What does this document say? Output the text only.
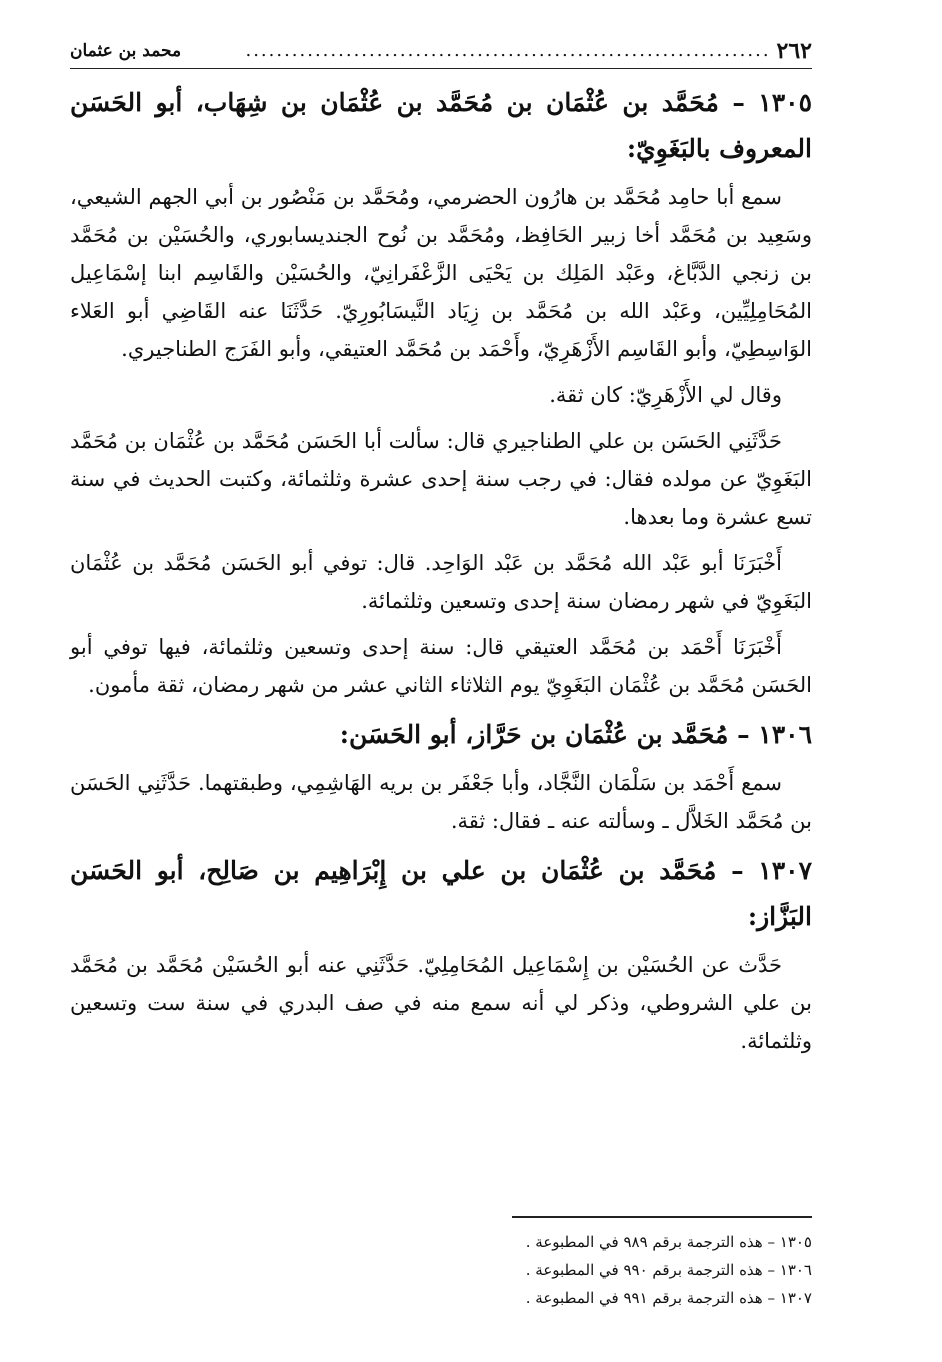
٢٦٢
....................................................................
محمد بن عثمان

١٣٠٥ – مُحَمَّد بن عُثْمَان بن مُحَمَّد بن عُثْمَان بن شِهَاب، أبو الحَسَن المعروف بالبَغَوِيّ:

سمع أبا حامِد مُحَمَّد بن هارُون الحضرمي، ومُحَمَّد بن مَنْصُور بن أبي الجهم الشيعي، وسَعِيد بن مُحَمَّد أخا زبير الحَافِظ، ومُحَمَّد بن نُوح الجنديسابوري، والحُسَيْن بن مُحَمَّد بن زنجي الدَّبَّاغ، وعَبْد المَلِك بن يَحْيَى الزَّعْفَرانِيّ، والحُسَيْن والقَاسِم ابنا إسْمَاعِيل المُحَامِلِيِّين، وعَبْد الله بن مُحَمَّد بن زِيَاد النَّيسَابُورِيّ. حَدَّثَنَا عنه القَاضِي أبو العَلاء الوَاسِطِيّ، وأبو القَاسِم الأَزْهَرِيّ، وأَحْمَد بن مُحَمَّد العتيقي، وأبو الفَرَج الطناجيري.

وقال لي الأَزْهَرِيّ: كان ثقة.

حَدَّثَنِي الحَسَن بن علي الطناجيري قال: سألت أبا الحَسَن مُحَمَّد بن عُثْمَان بن مُحَمَّد البَغَوِيّ عن مولده فقال: في رجب سنة إحدى عشرة وثلثمائة، وكتبت الحديث في سنة تسع عشرة وما بعدها.

أَخْبَرَنَا أبو عَبْد الله مُحَمَّد بن عَبْد الوَاحِد. قال: توفي أبو الحَسَن مُحَمَّد بن عُثْمَان البَغَوِيّ في شهر رمضان سنة إحدى وتسعين وثلثمائة.

أَخْبَرَنَا أَحْمَد بن مُحَمَّد العتيقي قال: سنة إحدى وتسعين وثلثمائة، فيها توفي أبو الحَسَن مُحَمَّد بن عُثْمَان البَغَوِيّ يوم الثلاثاء الثاني عشر من شهر رمضان، ثقة مأمون.

١٣٠٦ – مُحَمَّد بن عُثْمَان بن حَرَّاز، أبو الحَسَن:

سمع أَحْمَد بن سَلْمَان النَّجَّاد، وأبا جَعْفَر بن بريه الهَاشِمِي، وطبقتهما. حَدَّثَنِي الحَسَن بن مُحَمَّد الخَلاَّل ـ وسألته عنه ـ فقال: ثقة.

١٣٠٧ – مُحَمَّد بن عُثْمَان بن علي بن إِبْرَاهِيم بن صَالِح، أبو الحَسَن البَزَّاز:

حَدَّث عن الحُسَيْن بن إِسْمَاعِيل المُحَامِلِيّ. حَدَّثَنِي عنه أبو الحُسَيْن مُحَمَّد بن مُحَمَّد بن علي الشروطي، وذكر لي أنه سمع منه في صف البدري في سنة ست وتسعين وثلثمائة.

١٣٠٥ – هذه الترجمة برقم ٩٨٩ في المطبوعة .
١٣٠٦ – هذه الترجمة برقم ٩٩٠ في المطبوعة .
١٣٠٧ – هذه الترجمة برقم ٩٩١ في المطبوعة .
